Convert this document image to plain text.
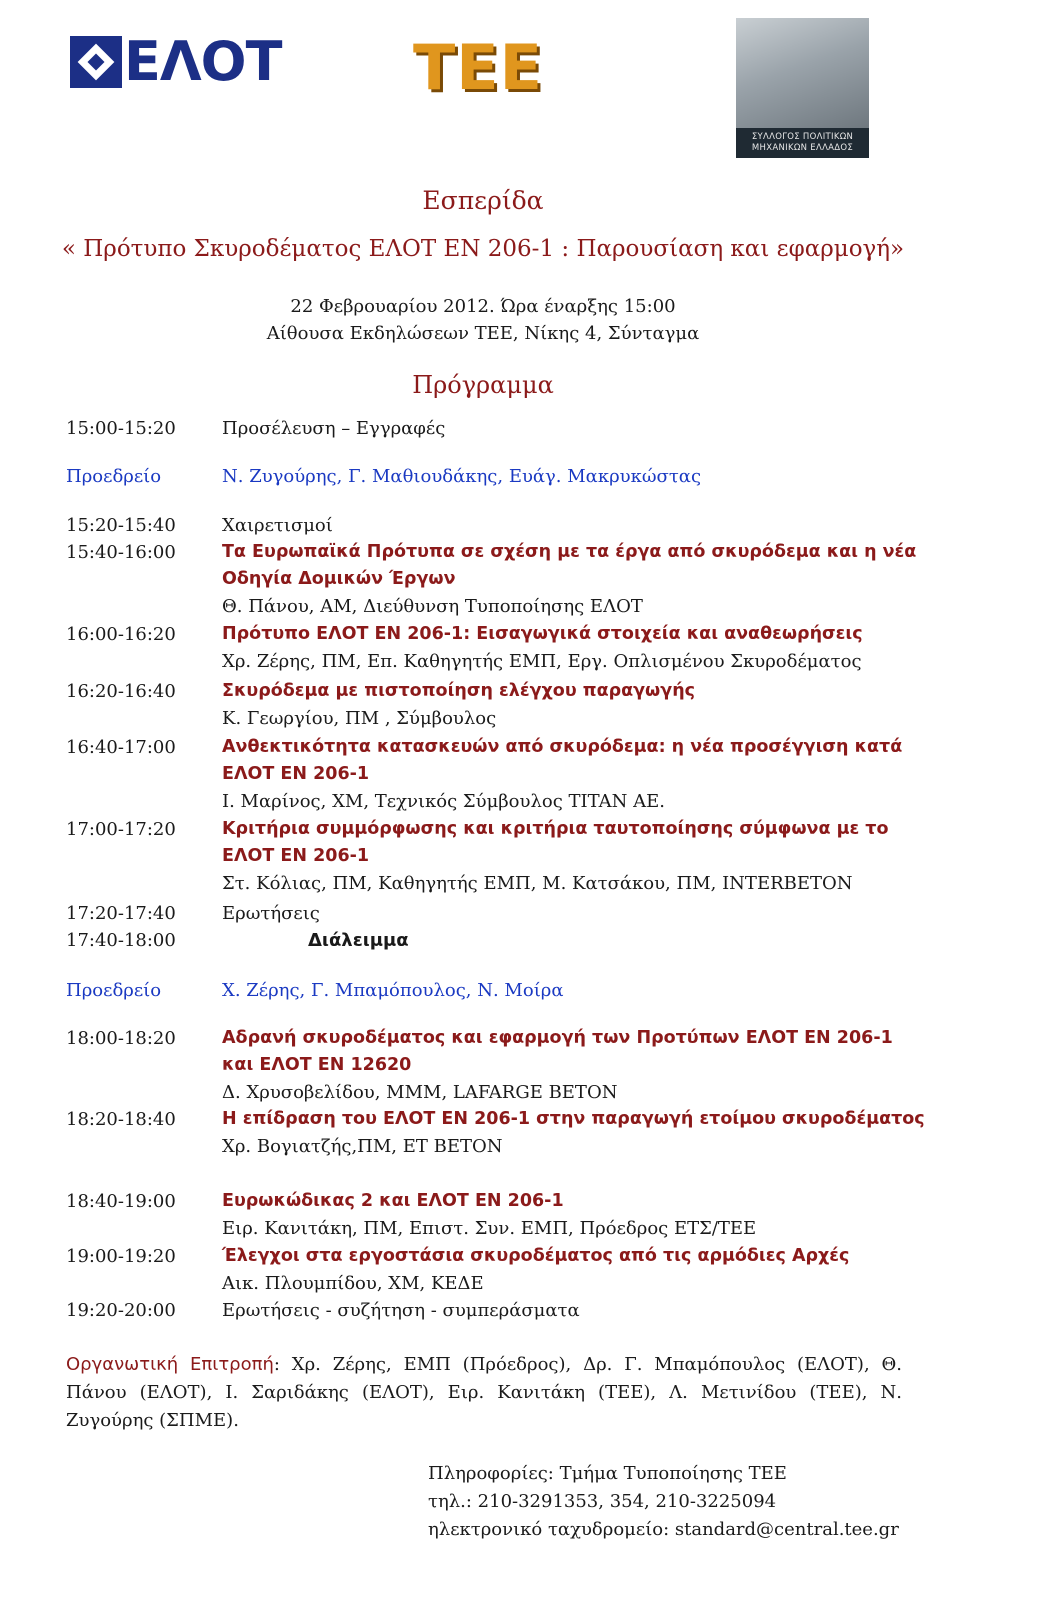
ΕΛΟΤ TEE
ΣΥΛΛΟΓΟΣ ΠΟΛΙΤΙΚΩΝ
ΜΗΧΑΝΙΚΩΝ ΕΛΛΑΔΟΣ
Εσπερίδα
« Πρότυπο Σκυροδέματος ΕΛΟΤ ΕΝ 206-1 : Παρουσίαση και εφαρμογή»
22 Φεβρουαρίου 2012. Ώρα έναρξης 15:00
Αίθουσα Εκδηλώσεων ΤΕΕ, Νίκης 4, Σύνταγμα
Πρόγραμμα
15:00-15:20	Προσέλευση – Εγγραφές
Προεδρείο	Ν. Ζυγούρης, Γ. Μαθιουδάκης, Ευάγ. Μακρυκώστας
15:20-15:40	Χαιρετισμοί
15:40-16:00	Τα Ευρωπαϊκά Πρότυπα σε σχέση με τα έργα από σκυρόδεμα και η νέα Οδηγία Δομικών Έργων
Θ. Πάνου, ΑΜ, Διεύθυνση Τυποποίησης ΕΛΟΤ
16:00-16:20	Πρότυπο ΕΛΟΤ ΕΝ 206-1: Εισαγωγικά στοιχεία και αναθεωρήσεις
Χρ. Ζέρης, ΠΜ, Επ. Καθηγητής ΕΜΠ, Εργ. Οπλισμένου Σκυροδέματος
16:20-16:40	Σκυρόδεμα με πιστοποίηση ελέγχου παραγωγής
Κ. Γεωργίου, ΠΜ , Σύμβουλος
16:40-17:00	Ανθεκτικότητα κατασκευών από σκυρόδεμα: η νέα προσέγγιση κατά ΕΛΟΤ ΕΝ 206-1
Ι. Μαρίνος, ΧΜ, Τεχνικός Σύμβουλος TITAN AE.
17:00-17:20	Κριτήρια συμμόρφωσης και κριτήρια ταυτοποίησης σύμφωνα με το ΕΛΟΤ ΕΝ 206-1
Στ. Κόλιας, ΠΜ, Καθηγητής ΕΜΠ, Μ. Κατσάκου, ΠΜ, INTERBETON
17:20-17:40	Ερωτήσεις
17:40-18:00	Διάλειμμα
Προεδρείο	Χ. Ζέρης, Γ. Μπαμόπουλος, Ν. Μοίρα
18:00-18:20	Αδρανή σκυροδέματος και εφαρμογή των Προτύπων ΕΛΟΤ ΕΝ 206-1 και ΕΛΟΤ ΕΝ 12620
Δ. Χρυσοβελίδου, ΜΜΜ, LAFARGE BETON
18:20-18:40	Η επίδραση του ΕΛΟΤ ΕΝ 206-1 στην παραγωγή ετοίμου σκυροδέματος
Χρ. Βογιατζής,ΠΜ, ET BETON
18:40-19:00	Ευρωκώδικας 2 και ΕΛΟΤ ΕΝ 206-1
Ειρ. Κανιτάκη, ΠΜ, Επιστ. Συν. ΕΜΠ, Πρόεδρος ΕΤΣ/ΤΕΕ
19:00-19:20	Έλεγχοι στα εργοστάσια σκυροδέματος από τις αρμόδιες Αρχές
Αικ. Πλουμπίδου, ΧΜ, ΚΕΔΕ
19:20-20:00	Ερωτήσεις - συζήτηση - συμπεράσματα
Οργανωτική Επιτροπή: Χρ. Ζέρης, ΕΜΠ (Πρόεδρος), Δρ. Γ. Μπαμόπουλος (ΕΛΟΤ), Θ. Πάνου (ΕΛΟΤ), Ι. Σαριδάκης (ΕΛΟΤ), Ειρ. Κανιτάκη (ΤΕΕ), Λ. Μετινίδου (ΤΕΕ), Ν. Ζυγούρης (ΣΠΜΕ).
Πληροφορίες: Τμήμα Τυποποίησης ΤΕΕ
τηλ.: 210-3291353, 354, 210-3225094
ηλεκτρονικό ταχυδρομείο: standard@central.tee.gr
